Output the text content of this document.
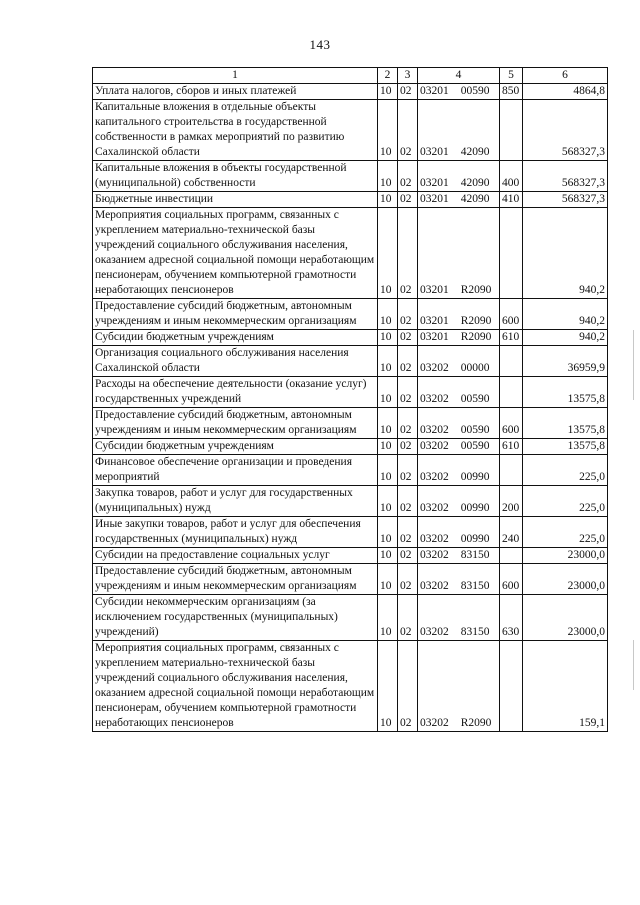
143
1	2	3	4	5	6
Уплата налогов, сборов и иных платежей	10	02	03201 00590	850	4864,8
Капитальные вложения в отдельные объекты капитального строительства в государственной собственности в рамках мероприятий по развитию Сахалинской области	10	02	03201 42090		568327,3
Капитальные вложения в объекты государственной (муниципальной) собственности	10	02	03201 42090	400	568327,3
Бюджетные инвестиции	10	02	03201 42090	410	568327,3
Мероприятия социальных программ, связанных с укреплением материально-технической базы учреждений социального обслуживания населения, оказанием адресной социальной помощи неработающим пенсионерам, обучением компьютерной грамотности неработающих пенсионеров	10	02	03201 R2090		940,2
Предоставление субсидий бюджетным, автономным учреждениям и иным некоммерческим организациям	10	02	03201 R2090	600	940,2
Субсидии бюджетным учреждениям	10	02	03201 R2090	610	940,2
Организация социального обслуживания населения Сахалинской области	10	02	03202 00000		36959,9
Расходы на обеспечение деятельности (оказание услуг) государственных учреждений	10	02	03202 00590		13575,8
Предоставление субсидий бюджетным, автономным учреждениям и иным некоммерческим организациям	10	02	03202 00590	600	13575,8
Субсидии бюджетным учреждениям	10	02	03202 00590	610	13575,8
Финансовое обеспечение организации и проведения мероприятий	10	02	03202 00990		225,0
Закупка товаров, работ и услуг для государственных (муниципальных) нужд	10	02	03202 00990	200	225,0
Иные закупки товаров, работ и услуг для обеспечения государственных (муниципальных) нужд	10	02	03202 00990	240	225,0
Субсидии на предоставление социальных услуг	10	02	03202 83150		23000,0
Предоставление субсидий бюджетным, автономным учреждениям и иным некоммерческим организациям	10	02	03202 83150	600	23000,0
Субсидии некоммерческим организациям (за исключением государственных (муниципальных) учреждений)	10	02	03202 83150	630	23000,0
Мероприятия социальных программ, связанных с укреплением материально-технической базы учреждений социального обслуживания населения, оказанием адресной социальной помощи неработающим пенсионерам, обучением компьютерной грамотности неработающих пенсионеров	10	02	03202 R2090		159,1
